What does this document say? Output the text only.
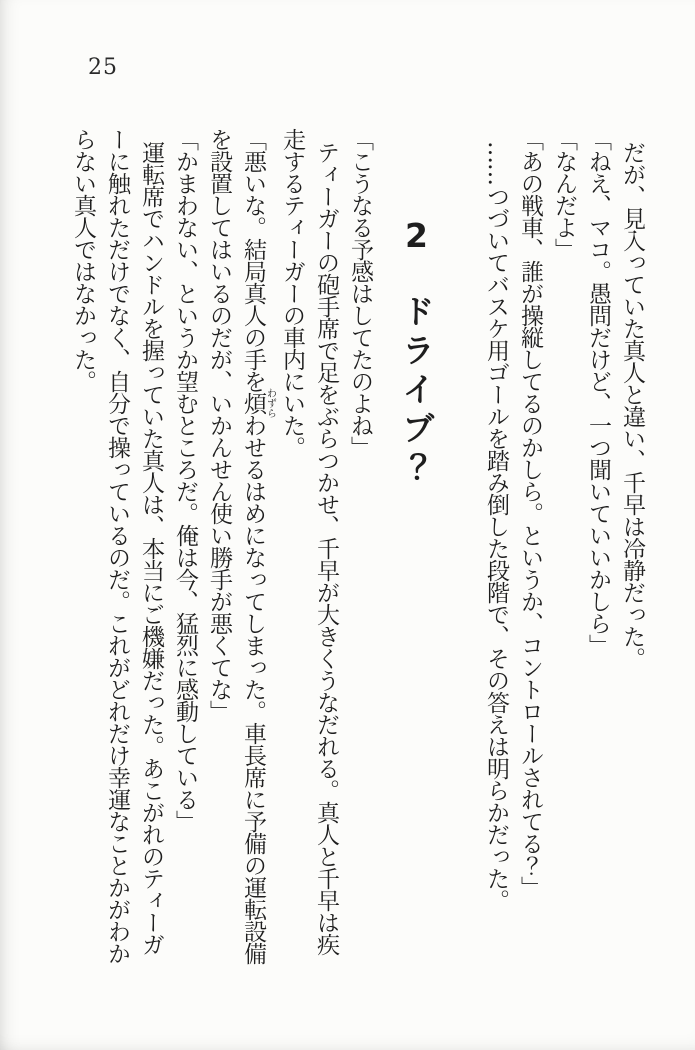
25
だが、見入っていた真人と違い、千早は冷静だった。
「ねえ、マコ。愚問だけど、一つ聞いていいかしら」
「なんだよ」
「あの戦車、誰が操縦してるのかしら。というか、コントロールされてる？」
……つづいてバスケ用ゴールを踏み倒した段階で、その答えは明らかだった。
2　ドライブ？
「こうなる予感はしてたのよね」
ティーガーの砲手席で足をぶらつかせ、千早が大きくうなだれる。真人と千早は疾
走するティーガーの車内にいた。
「悪いな。結局真人の手を煩わずらわせるはめになってしまった。車長席に予備の運転設備
を設置してはいるのだが、いかんせん使い勝手が悪くてな」
「かまわない、というか望むところだ。俺は今、猛烈に感動している」
運転席でハンドルを握っていた真人は、本当にご機嫌だった。あこがれのティーガ
ーに触れただけでなく、自分で操っているのだ。これがどれだけ幸運なことかがわか
らない真人ではなかった。
